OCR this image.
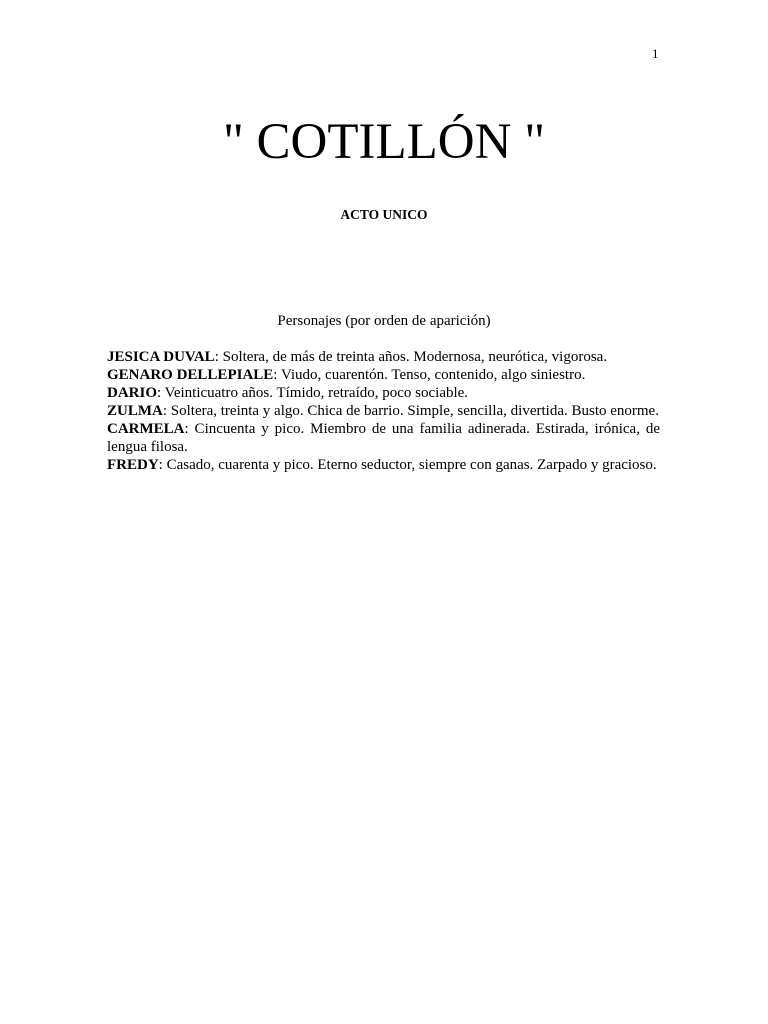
1
" COTILLÓN "
ACTO UNICO
Personajes (por orden de aparición)

JESICA DUVAL: Soltera, de más de treinta años. Modernosa, neurótica, vigorosa.

GENARO DELLEPIALE: Viudo, cuarentón. Tenso, contenido, algo siniestro.

DARIO: Veinticuatro años. Tímido, retraído, poco sociable.

ZULMA: Soltera, treinta y algo. Chica de barrio. Simple, sencilla, divertida. Busto enorme.

CARMELA: Cincuenta y pico. Miembro de una familia adinerada. Estirada, irónica, de lengua filosa.

FREDY: Casado, cuarenta y pico. Eterno seductor, siempre con ganas. Zarpado y gracioso.
